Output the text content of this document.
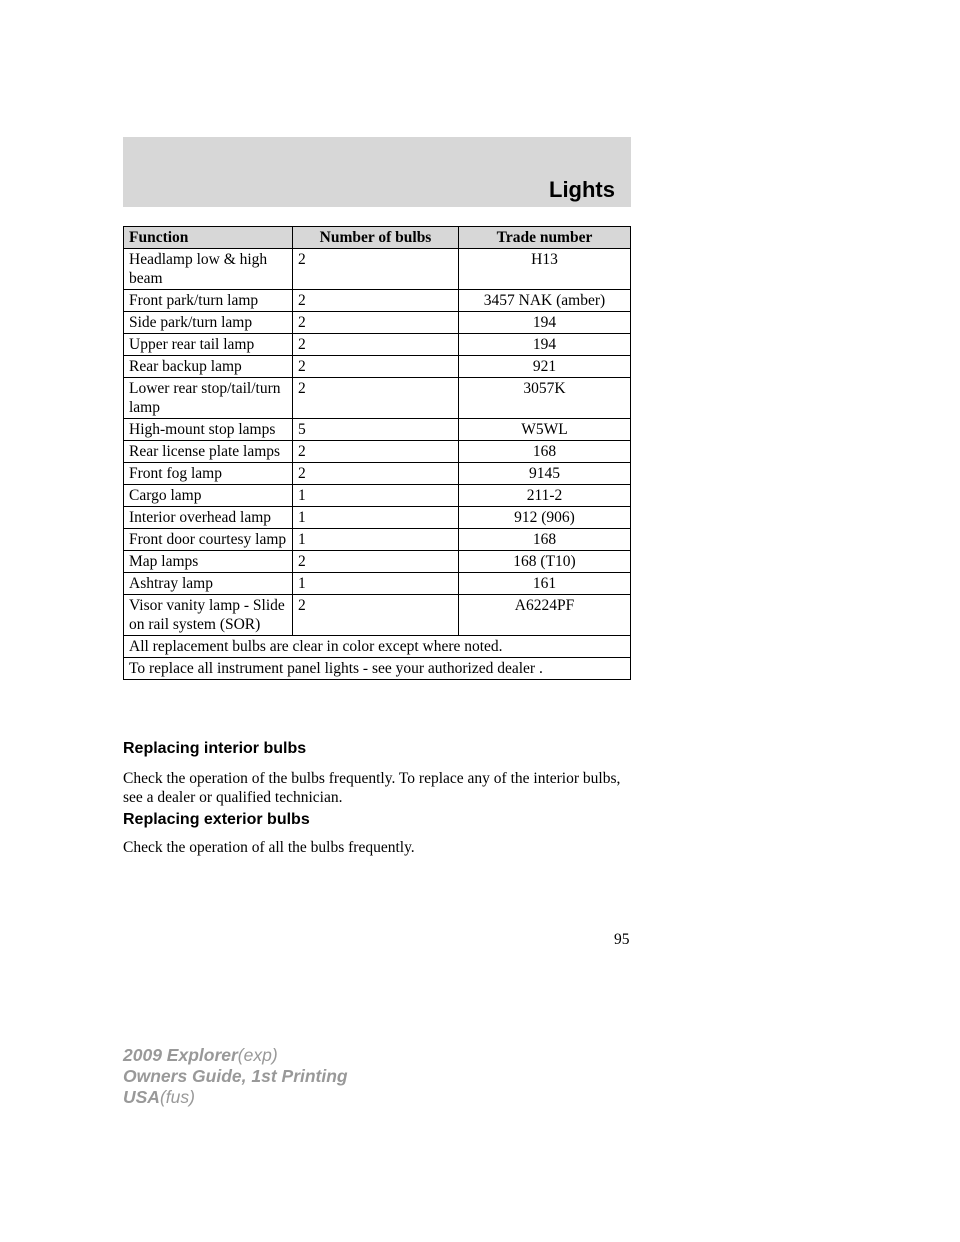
Lights
Function	Number of bulbs	Trade number
Headlamp low & high beam	2	H13
Front park/turn lamp	2	3457 NAK (amber)
Side park/turn lamp	2	194
Upper rear tail lamp	2	194
Rear backup lamp	2	921
Lower rear stop/tail/turn lamp	2	3057K
High-mount stop lamps	5	W5WL
Rear license plate lamps	2	168
Front fog lamp	2	9145
Cargo lamp	1	211-2
Interior overhead lamp	1	912 (906)
Front door courtesy lamp	1	168
Map lamps	2	168 (T10)
Ashtray lamp	1	161
Visor vanity lamp - Slide on rail system (SOR)	2	A6224PF
All replacement bulbs are clear in color except where noted.		
To replace all instrument panel lights - see your authorized dealer .		
Replacing interior bulbs
Check the operation of the bulbs frequently. To replace any of the interior bulbs, see a dealer or qualified technician.
Replacing exterior bulbs
Check the operation of all the bulbs frequently.
95
2009 Explorer(exp)
Owners Guide, 1st Printing
USA(fus)
